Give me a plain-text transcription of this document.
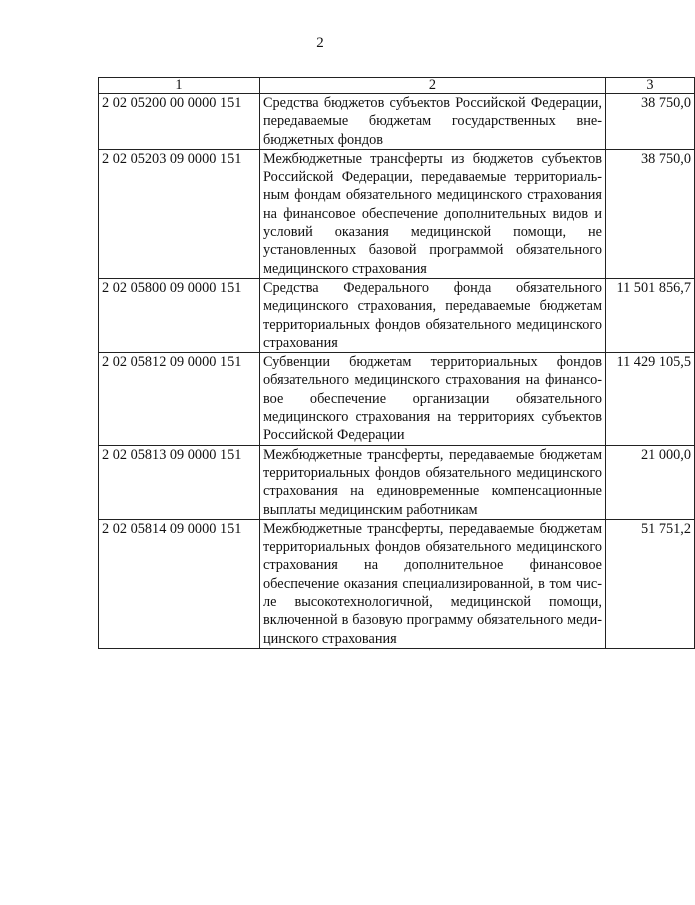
2
1	2	3
2 02 05200 00 0000 151	Средства бюджетов субъектов Российской Федерации, передаваемые бюджетам государственных внебюджетных фондов	38 750,0
2 02 05203 09 0000 151	Межбюджетные трансферты из бюджетов субъектов Российской Федерации, передаваемые территориальным фондам обязательного медицинского страхования на финансовое обеспечение дополнительных видов и условий оказания медицинской помощи, не установленных базовой программой обязательного медицинского страхования	38 750,0
2 02 05800 09 0000 151	Средства Федерального фонда обязательного медицинского страхования, передаваемые бюджетам территориальных фондов обязательного медицинского страхования	11 501 856,7
2 02 05812 09 0000 151	Субвенции бюджетам территориальных фондов обязательного медицинского страхования на финансовое обеспечение организации обязательного медицинского страхования на территориях субъектов Российской Федерации	11 429 105,5
2 02 05813 09 0000 151	Межбюджетные трансферты, передаваемые бюджетам территориальных фондов обязательного медицинского страхования на единовременные компенсационные выплаты медицинским работникам	21 000,0
2 02 05814 09 0000 151	Межбюджетные трансферты, передаваемые бюджетам территориальных фондов обязательного медицинского страхования на дополнительное финансовое обеспечение оказания специализированной, в том числе высокотехнологичной, медицинской помощи, включенной в базовую программу обязательного медицинского страхования	51 751,2
